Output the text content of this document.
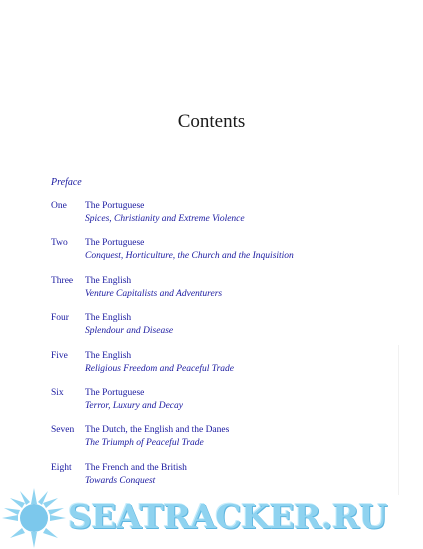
Contents
Preface
One The Portuguese
Spices, Christianity and Extreme Violence
Two The Portuguese
Conquest, Horticulture, the Church and the Inquisition
Three The English
Venture Capitalists and Adventurers
Four The English
Splendour and Disease
Five The English
Religious Freedom and Peaceful Trade
Six The Portuguese
Terror, Luxury and Decay
Seven The Dutch, the English and the Danes
The Triumph of Peaceful Trade
Eight The French and the British
Towards Conquest
SEATRACKER.RU
